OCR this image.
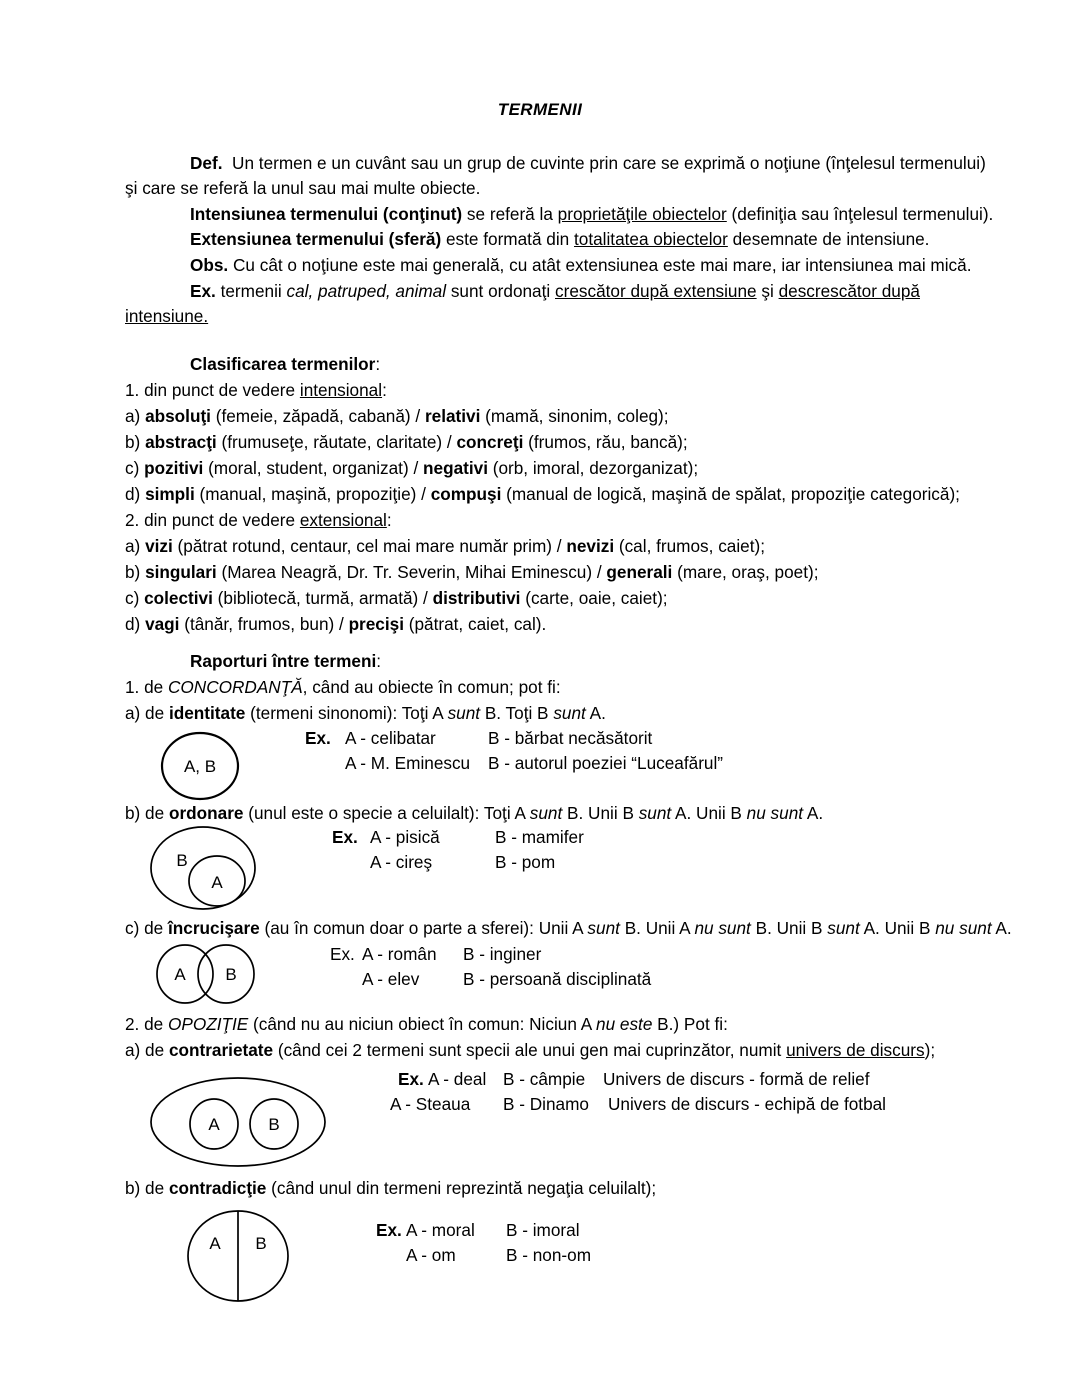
TERMENII
Def. Un termen e un cuvânt sau un grup de cuvinte prin care se exprimă o noţiune (înţelesul termenului)
şi care se referă la unul sau mai multe obiecte.
Intensiunea termenului (conţinut) se referă la proprietăţile obiectelor (definiţia sau înţelesul termenului).
Extensiunea termenului (sferă) este formată din totalitatea obiectelor desemnate de intensiune.
Obs. Cu cât o noţiune este mai generală, cu atât extensiunea este mai mare, iar intensiunea mai mică.
Ex. termenii cal, patruped, animal sunt ordonaţi crescător după extensiune şi descrescător după
intensiune.
Clasificarea termenilor:
1. din punct de vedere intensional:
a) absoluţi (femeie, zăpadă, cabană) / relativi (mamă, sinonim, coleg);
b) abstracţi (frumuseţe, răutate, claritate) / concreţi (frumos, rău, bancă);
c) pozitivi (moral, student, organizat) / negativi (orb, imoral, dezorganizat);
d) simpli (manual, maşină, propoziţie) / compuşi (manual de logică, maşină de spălat, propoziţie categorică);
2. din punct de vedere extensional:
a) vizi (pătrat rotund, centaur, cel mai mare număr prim) / nevizi (cal, frumos, caiet);
b) singulari (Marea Neagră, Dr. Tr. Severin, Mihai Eminescu) / generali (mare, oraş, poet);
c) colectivi (bibliotecă, turmă, armată) / distributivi (carte, oaie, caiet);
d) vagi (tânăr, frumos, bun) / precişi (pătrat, caiet, cal).
Raporturi între termeni:
1. de CONCORDANŢĂ, când au obiecte în comun; pot fi:
a) de identitate (termeni sinonomi): Toţi A sunt B. Toţi B sunt A.
A, B
Ex. A - celibatar	B - bărbat necăsătorit
A - M. Eminescu B - autorul poeziei “Luceafărul”
b) de ordonare (unul este o specie a celuilalt): Toţi A sunt B. Unii B sunt A. Unii B nu sunt A.
B
A
Ex. A - pisică	B - mamifer
A - cireş	B - pom
c) de încrucişare (au în comun doar o parte a sferei): Unii A sunt B. Unii A nu sunt B. Unii B sunt A. Unii B nu sunt A.
A B
Ex. A - român B - inginer
A - elev	B - persoană disciplinată
2. de OPOZIŢIE (când nu au niciun obiect în comun: Niciun A nu este B.) Pot fi:
a) de contrarietate (când cei 2 termeni sunt specii ale unui gen mai cuprinzător, numit univers de discurs);
A	B
Ex. A - deal B - câmpie Univers de discurs - formă de relief
A - Steaua B - Dinamo Univers de discurs - echipă de fotbal
b) de contradicţie (când unul din termeni reprezintă negaţia celuilalt);
A B
Ex. A - moral B - imoral
A - om	B - non-om
